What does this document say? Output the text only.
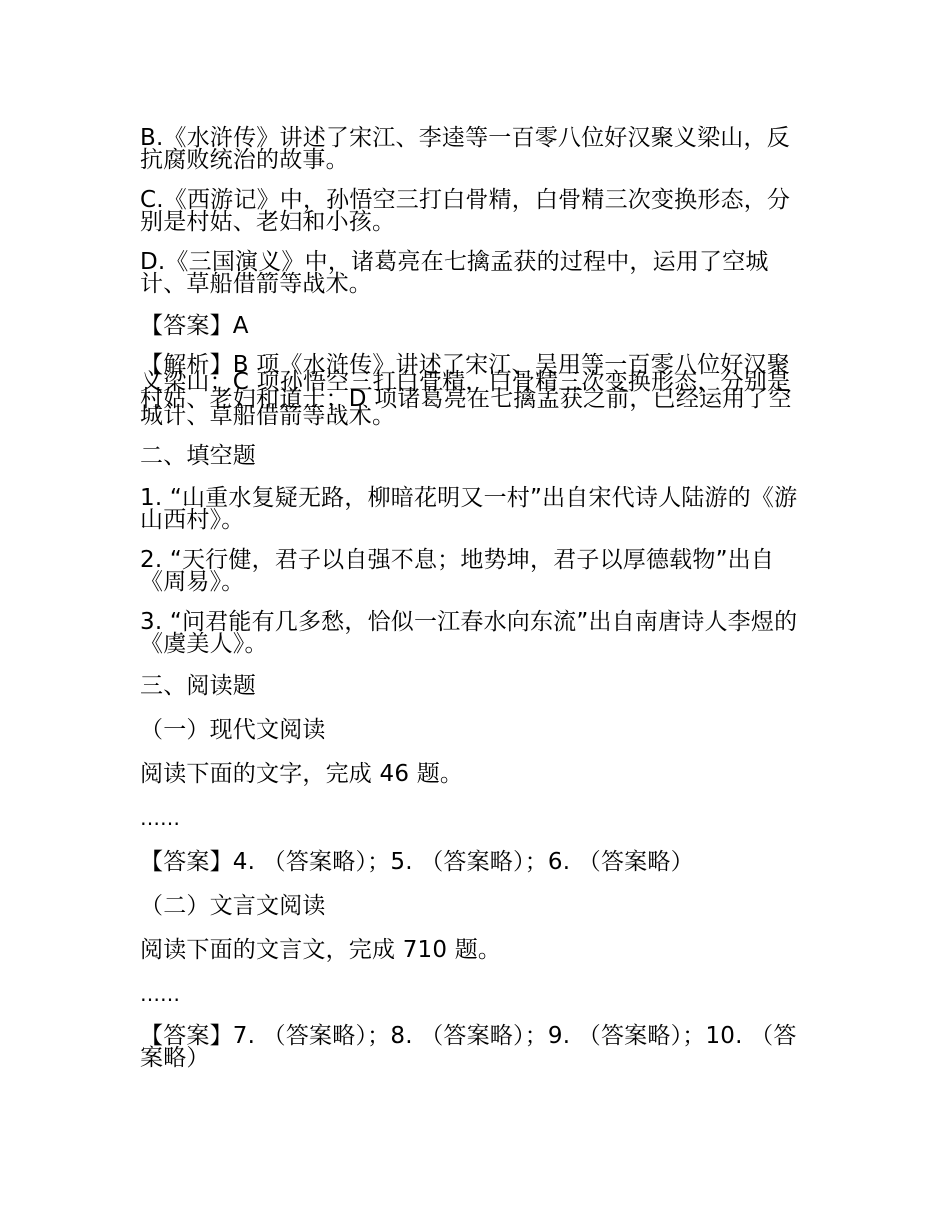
B.《水浒传》讲述了宋江、李逵等一百零八位好汉聚义梁山，反抗腐败统治的故事。

C.《西游记》中，孙悟空三打白骨精，白骨精三次变换形态，分别是村姑、老妇和小孩。

D.《三国演义》中，诸葛亮在七擒孟获的过程中，运用了空城计、草船借箭等战术。

【答案】A

【解析】B 项《水浒传》讲述了宋江、吴用等一百零八位好汉聚义梁山；C 项孙悟空三打白骨精，白骨精三次变换形态，分别是村姑、老妇和道士；D 项诸葛亮在七擒孟获之前，已经运用了空城计、草船借箭等战术。

二、填空题

1. “山重水复疑无路，柳暗花明又一村”出自宋代诗人陆游的《游山西村》。

2. “天行健，君子以自强不息；地势坤，君子以厚德载物”出自《周易》。

3. “问君能有几多愁，恰似一江春水向东流”出自南唐诗人李煜的《虞美人》。

三、阅读题

（一）现代文阅读

阅读下面的文字，完成 46 题。

……

【答案】4. （答案略）；5. （答案略）；6. （答案略）

（二）文言文阅读

阅读下面的文言文，完成 710 题。

……

【答案】7. （答案略）；8. （答案略）；9. （答案略）；10. （答案略）
